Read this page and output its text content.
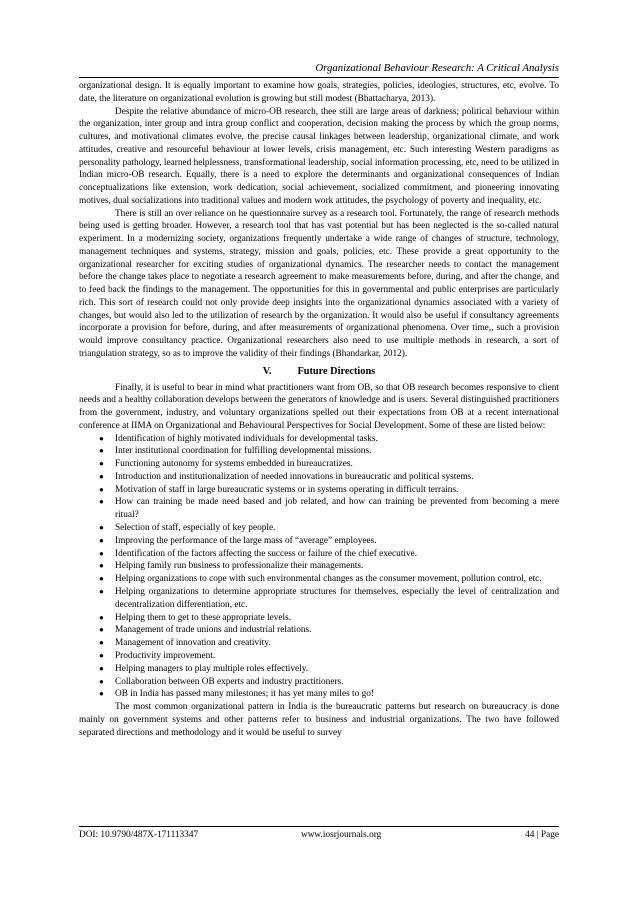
Organizational Behaviour Research: A Critical Analysis

organizational design. It is equally important to examine how goals, strategies, policies, ideologies, structures, etc, evolve. To date, the literature on organizational evolution is growing but still modest (Bhattacharya, 2013).

Despite the relative abundance of micro-OB research, thee still are large areas of darkness; political behaviour within the organization, inter group and intra group conflict and cooperation, decision making the process by which the group norms, cultures, and motivational climates evolve, the precise causal linkages between leadership, organizational climate, and work attitudes, creative and resourceful behaviour at lower levels, crisis management, etc. Such interesting Western paradigms as personality pathology, learned helplessness, transformational leadership, social information processing, etc, need to be utilized in Indian micro-OB research. Equally, there is a need to explore the determinants and organizational consequences of Indian conceptualizations like extension, work dedication, social achievement, socialized commitment, and pioneering innovating motives, dual socializations into traditional values and modern work attitudes, the psychology of poverty and inequality, etc.

There is still an over reliance on he questionnaire survey as a research tool. Fortunately, the range of research methods being used is getting broader. However, a research tool that has vast potential but has been neglected is the so-called natural experiment. In a modernizing society, organizations frequently undertake a wide range of changes of structure, technology, management techniques and systems, strategy, mission and goals, policies, etc. These provide a great opportunity to the organizational researcher for exciting studies of organizational dynamics. The researcher needs to contact the management before the change takes place to negotiate a research agreement to make measurements before, during, and after the change, and to feed back the findings to the management. The opportunities for this in governmental and public enterprises are particularly rich. This sort of research could not only provide deep insights into the organizational dynamics associated with a variety of changes, but would also led to the utilization of research by the organization. It would also be useful if consultancy agreements incorporate a provision for before, during, and after measurements of organizational phenomena. Over time,, such a provision would improve consultancy practice. Organizational researchers also need to use multiple methods in research, a sort of triangulation strategy, so as to improve the validity of their findings (Bhandarkar, 2012).

V.	Future Directions

Finally, it is useful to bear in mind what practitioners want from OB, so that OB research becomes responsive to client needs and a healthy collaboration develops between the generators of knowledge and is users. Several distinguished practitioners from the government, industry, and voluntary organizations spelled out their expectations from OB at a recent international conference at IIMA on Organizational and Behavioural Perspectives for Social Development. Some of these are listed below:

● Identification of highly motivated individuals for developmental tasks.
● Inter institutional coordination for fulfilling developmental missions.
● Functioning autonomy for systems embedded in bureaucratizes.
● Introduction and institutionalization of needed innovations in bureaucratic and political systems.
● Motivation of staff in large bureaucratic systems or in systems operating in difficult terrains.
● How can training be made need based and job related, and how can training be prevented from becoming a mere ritual?
● Selection of staff, especially of key people.
● Improving the performance of the large mass of “average” employees.
● Identification of the factors affecting the success or failure of the chief executive.
● Helping family run business to professionalize their managements.
● Helping organizations to cope with such environmental changes as the consumer movement, pollution control, etc.
● Helping organizations to determine appropriate structures for themselves, especially the level of centralization and decentralization differentiation, etc.
● Helping them to get to these appropriate levels.
● Management of trade unions and industrial relations.
● Management of innovation and creativity.
● Productivity improvement.
● Helping managers to play multiple roles effectively.
● Collaboration between OB experts and industry practitioners.
● OB in India has passed many milestones; it has yet many miles to go!

The most common organizational pattern in India is the bureaucratic patterns but research on bureaucracy is done mainly on government systems and other patterns refer to business and industrial organizations. The two have followed separated directions and methodology and it would be useful to survey

DOI: 10.9790/487X-171113347	www.iosrjournals.org	44 | Page
